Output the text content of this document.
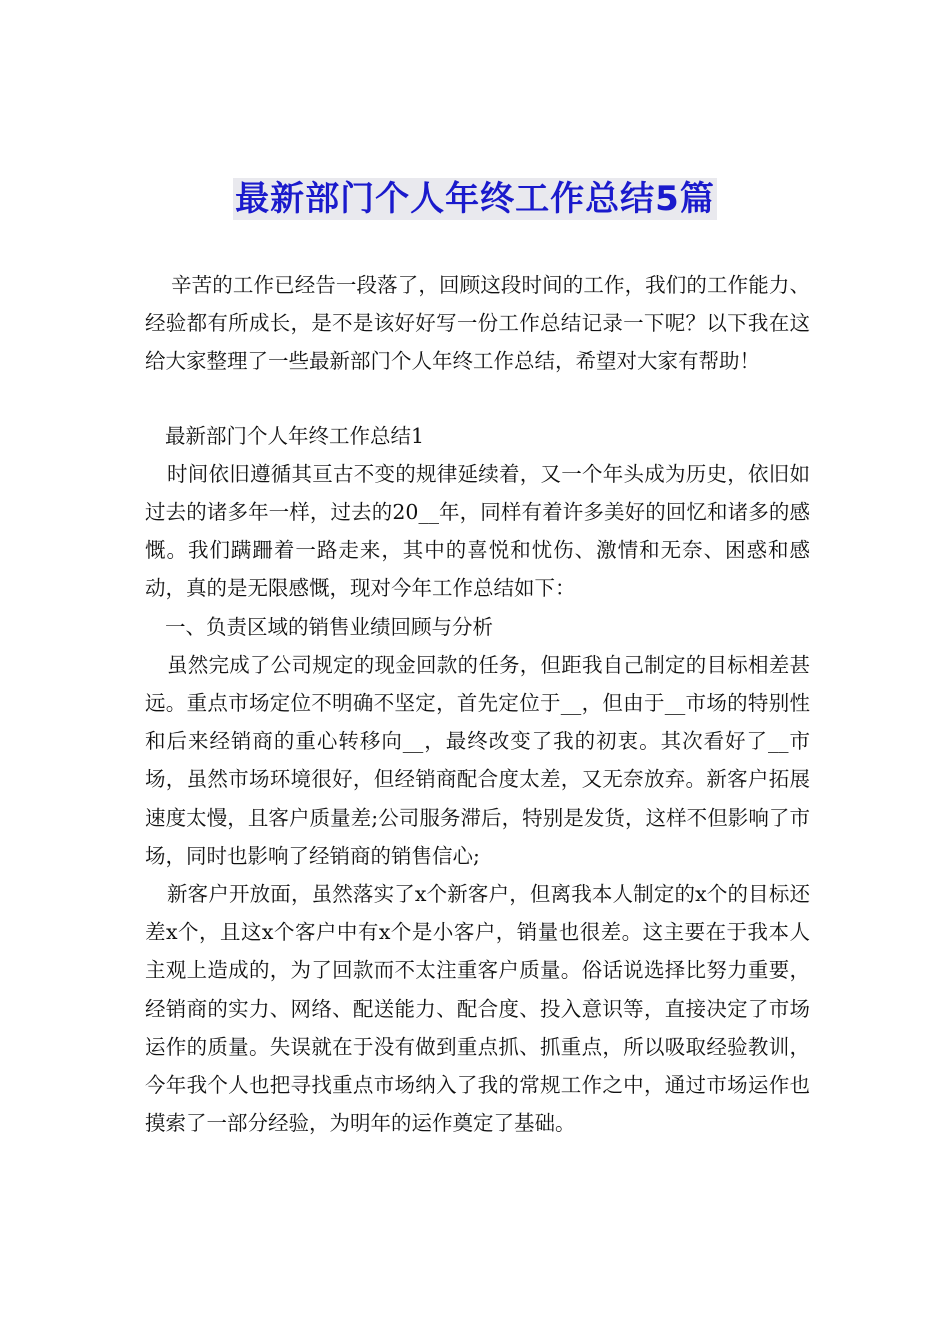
最新部门个人年终工作总结5篇

辛苦的工作已经告一段落了，回顾这段时间的工作，我们的工作能力、经验都有所成长，是不是该好好写一份工作总结记录一下呢？以下我在这给大家整理了一些最新部门个人年终工作总结，希望对大家有帮助！

最新部门个人年终工作总结1

时间依旧遵循其亘古不变的规律延续着，又一个年头成为历史，依旧如过去的诸多年一样，过去的20__年，同样有着许多美好的回忆和诸多的感慨。我们蹒跚着一路走来，其中的喜悦和忧伤、激情和无奈、困惑和感动，真的是无限感慨，现对今年工作总结如下：

一、负责区域的销售业绩回顾与分析

虽然完成了公司规定的现金回款的任务，但距我自己制定的目标相差甚远。重点市场定位不明确不坚定，首先定位于__，但由于__市场的特别性和后来经销商的重心转移向__，最终改变了我的初衷。其次看好了__市场，虽然市场环境很好，但经销商配合度太差，又无奈放弃。新客户拓展速度太慢，且客户质量差;公司服务滞后，特别是发货，这样不但影响了市场，同时也影响了经销商的销售信心;

新客户开放面，虽然落实了x个新客户，但离我本人制定的x个的目标还差x个，且这x个客户中有x个是小客户，销量也很差。这主要在于我本人主观上造成的，为了回款而不太注重客户质量。俗话说选择比努力重要，经销商的实力、网络、配送能力、配合度、投入意识等，直接决定了市场运作的质量。失误就在于没有做到重点抓、抓重点，所以吸取经验教训，今年我个人也把寻找重点市场纳入了我的常规工作之中，通过市场运作也摸索了一部分经验，为明年的运作奠定了基础。
